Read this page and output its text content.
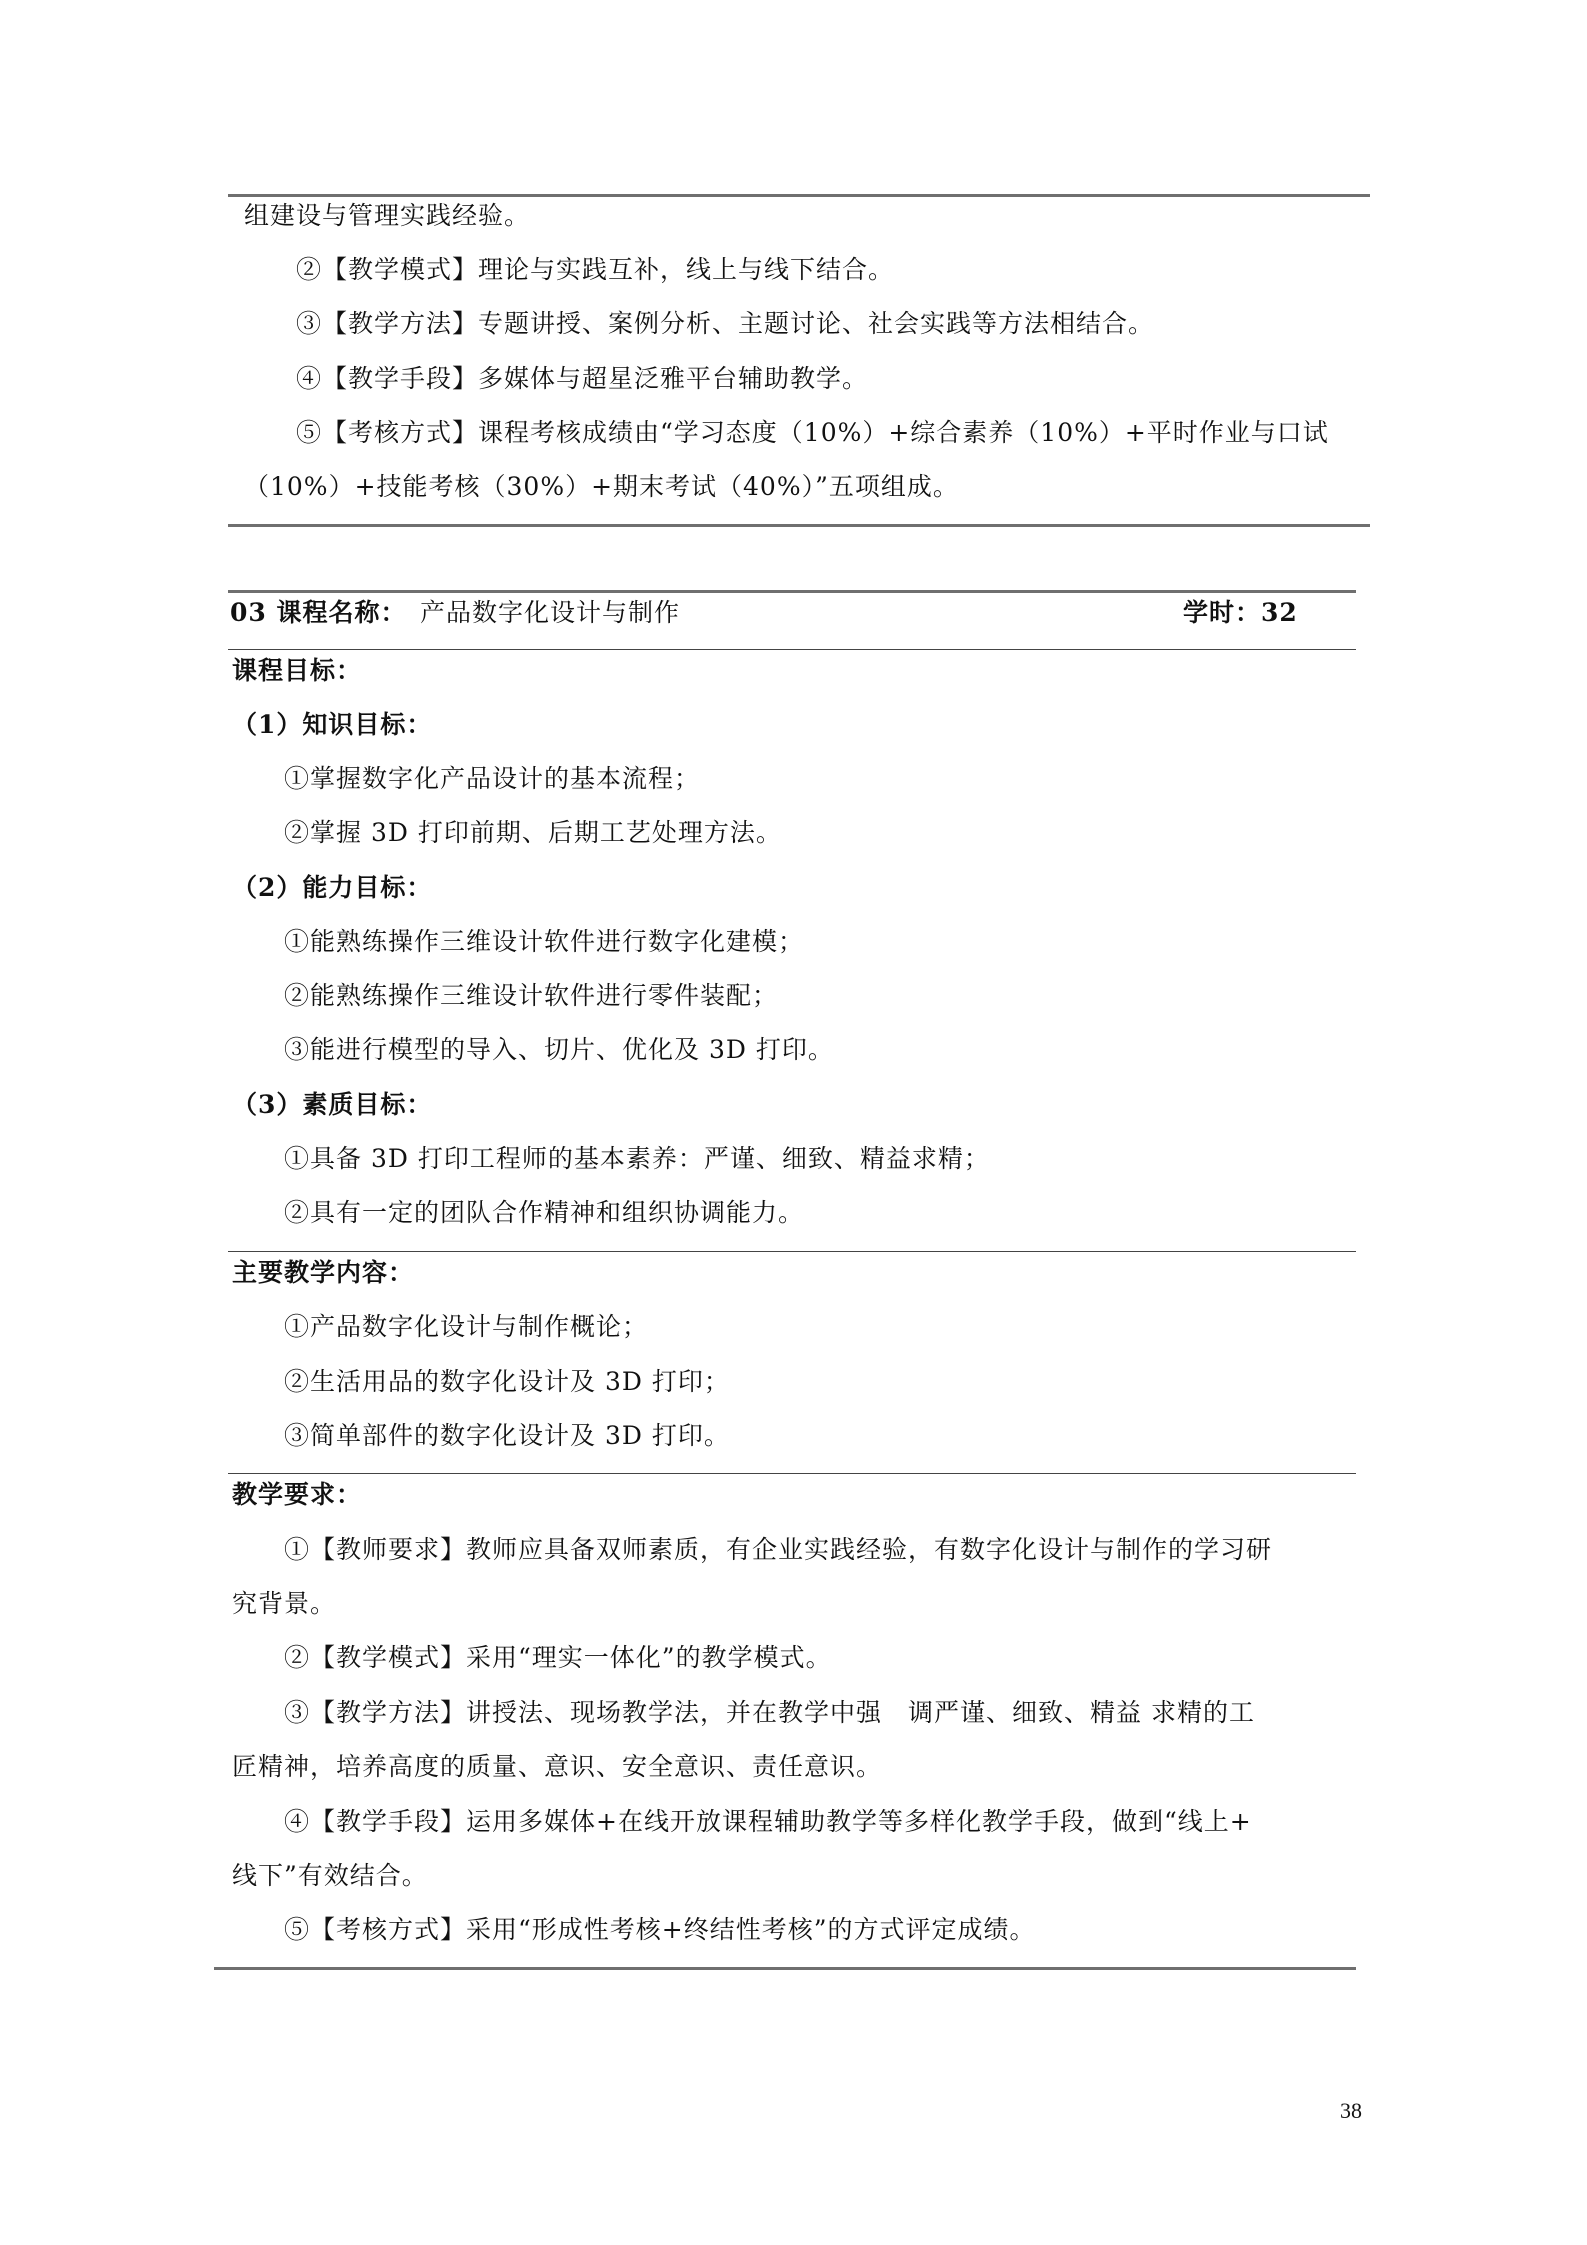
组建设与管理实践经验。
②【教学模式】理论与实践互补，线上与线下结合。
③【教学方法】专题讲授、案例分析、主题讨论、社会实践等方法相结合。
④【教学手段】多媒体与超星泛雅平台辅助教学。
⑤【考核方式】课程考核成绩由“学习态度（10%）+综合素养（10%）+平时作业与口试
（10%）+技能考核（30%）+期末考试（40%）”五项组成。
03 课程名称： 产品数字化设计与制作	学时：32
课程目标：
（1）知识目标：
①掌握数字化产品设计的基本流程；
②掌握 3D 打印前期、后期工艺处理方法。
（2）能力目标：
①能熟练操作三维设计软件进行数字化建模；
②能熟练操作三维设计软件进行零件装配；
③能进行模型的导入、切片、优化及 3D 打印。
（3）素质目标：
①具备 3D 打印工程师的基本素养：严谨、细致、精益求精；
②具有一定的团队合作精神和组织协调能力。
主要教学内容：
①产品数字化设计与制作概论；
②生活用品的数字化设计及 3D 打印；
③简单部件的数字化设计及 3D 打印。
教学要求：
①【教师要求】教师应具备双师素质，有企业实践经验，有数字化设计与制作的学习研
究背景。
②【教学模式】采用“理实一体化”的教学模式。
③【教学方法】讲授法、现场教学法，并在教学中强　调严谨、细致、精益 求精的工
匠精神，培养高度的质量、意识、安全意识、责任意识。
④【教学手段】运用多媒体+在线开放课程辅助教学等多样化教学手段，做到“线上+
线下”有效结合。
⑤【考核方式】采用“形成性考核+终结性考核”的方式评定成绩。
38
